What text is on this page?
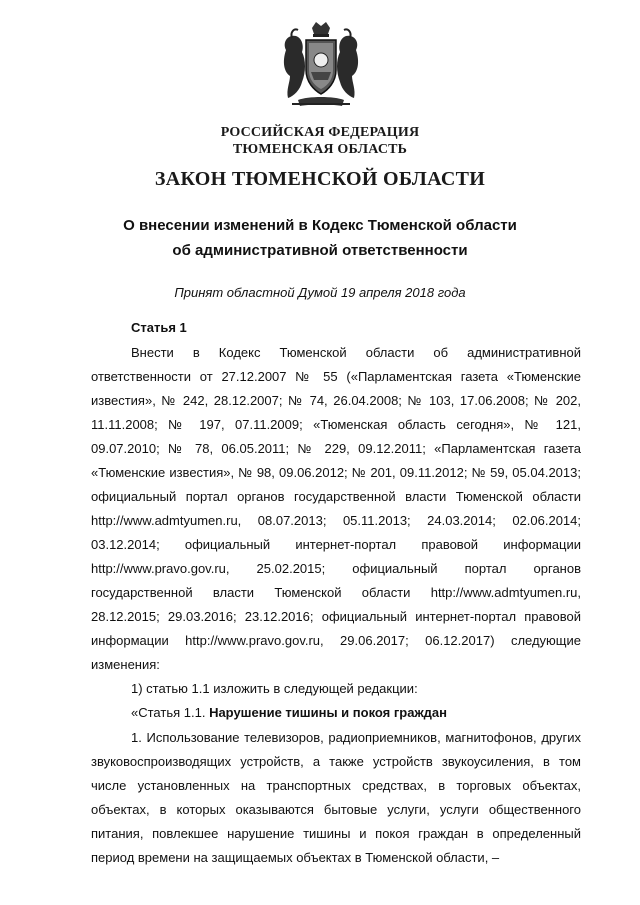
РОССИЙСКАЯ ФЕДЕРАЦИЯ
ТЮМЕНСКАЯ ОБЛАСТЬ
ЗАКОН ТЮМЕНСКОЙ ОБЛАСТИ
О внесении изменений в Кодекс Тюменской области
об административной ответственности
Принят областной Думой 19 апреля 2018 года
Статья 1
Внести в Кодекс Тюменской области об административной
ответственности от 27.12.2007 № 55 («Парламентская газета «Тюменские
известия», № 242, 28.12.2007; № 74, 26.04.2008; № 103, 17.06.2008; № 202,
11.11.2008; № 197, 07.11.2009; «Тюменская область сегодня», № 121,
09.07.2010; № 78, 06.05.2011; № 229, 09.12.2011; «Парламентская газета
«Тюменские известия», № 98, 09.06.2012; № 201, 09.11.2012; № 59, 05.04.2013;
официальный портал органов государственной власти Тюменской области
http://www.admtyumen.ru, 08.07.2013; 05.11.2013; 24.03.2014; 02.06.2014;
03.12.2014; официальный интернет-портал правовой информации
http://www.pravo.gov.ru, 25.02.2015; официальный портал органов
государственной власти Тюменской области http://www.admtyumen.ru,
28.12.2015; 29.03.2016; 23.12.2016; официальный интернет-портал правовой
информации http://www.pravo.gov.ru, 29.06.2017; 06.12.2017) следующие
изменения:
1) статью 1.1 изложить в следующей редакции:
«Статья 1.1. Нарушение тишины и покоя граждан
1. Использование телевизоров, радиоприемников, магнитофонов, других
звуковоспроизводящих устройств, а также устройств звукоусиления, в том
числе установленных на транспортных средствах, в торговых объектах,
объектах, в которых оказываются бытовые услуги, услуги общественного
питания, повлекшее нарушение тишины и покоя граждан в определенный
период времени на защищаемых объектах в Тюменской области, –
